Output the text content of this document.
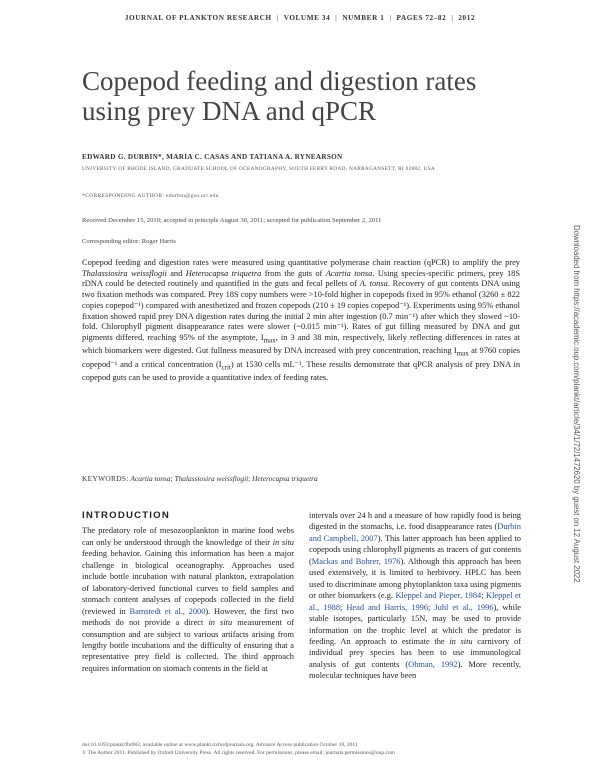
JOURNAL OF PLANKTON RESEARCH | VOLUME 34 | NUMBER 1 | PAGES 72–82 | 2012
Copepod feeding and digestion rates using prey DNA and qPCR
EDWARD G. DURBIN*, MARIA C. CASAS AND TATIANA A. RYNEARSON
UNIVERSITY OF RHODE ISLAND, GRADUATE SCHOOL OF OCEANOGRAPHY, SOUTH FERRY ROAD, NARRAGANSETT, RI 02882, USA
*CORRESPONDING AUTHOR: edurbin@gso.uri.edu
Received December 15, 2010; accepted in principle August 30, 2011; accepted for publication September 2, 2011
Corresponding editor: Roger Harris
Copepod feeding and digestion rates were measured using quantitative polymerase chain reaction (qPCR) to amplify the prey Thalassiosira weissflogii and Heterocapsa triquetra from the guts of Acartia tonsa. Using species-specific primers, prey 18S rDNA could be detected routinely and quantified in the guts and fecal pellets of A. tonsa. Recovery of gut contents DNA using two fixation methods was compared. Prey 18S copy numbers were >10-fold higher in copepods fixed in 95% ethanol (3260 ± 822 copies copepod⁻¹) compared with anesthetized and frozen copepods (210 ± 19 copies copepod⁻¹). Experiments using 95% ethanol fixation showed rapid prey DNA digestion rates during the initial 2 min after ingestion (0.7 min⁻¹) after which they slowed ~10-fold. Chlorophyll pigment disappearance rates were slower (~0.015 min⁻¹). Rates of gut filling measured by DNA and gut pigments differed, reaching 95% of the asymptote, $I_{max}$, in 3 and 38 min, respectively, likely reflecting differences in rates at which biomarkers were digested. Gut fullness measured by DNA increased with prey concentration, reaching $I_{max}$ at 9760 copies copepod⁻¹ and a critical concentration $(I_{crit})$ at 1530 cells mL⁻¹. These results demonstrate that qPCR analysis of prey DNA in copepod guts can be used to provide a quantitative index of feeding rates.
KEYWORDS: Acartia tonsa; Thalassiosira weissflogii; Heterocapsa triquetra
INTRODUCTION

The predatory role of mesozooplankton in marine food webs can only be understood through the knowledge of their in situ feeding behavior. Gaining this information has been a major challenge in biological oceanography. Approaches used include bottle incubation with natural plankton, extrapolation of laboratory-derived functional curves to field samples and stomach content analyses of copepods collected in the field (reviewed in Bamstedt et al., 2000). However, the first two methods do not provide a direct in situ measurement of consumption and are subject to various artifacts arising from lengthy bottle incubations and the difficulty of ensuring that a representative prey field is collected. The third approach requires information on stomach contents in the field at

intervals over 24 h and a measure of how rapidly food is being digested in the stomachs, i.e. food disappearance rates (Durbin and Campbell, 2007). This latter approach has been applied to copepods using chlorophyll pigments as tracers of gut contents (Mackas and Bohrer, 1976). Although this approach has been used extensively, it is limited to herbivory. HPLC has been used to discriminate among phytoplankton taxa using pigments or other biomarkers (e.g. Kleppel and Pieper, 1984; Kleppel et al., 1988; Head and Harris, 1996; Juhl et al., 1996), while stable isotopes, particularly 15N, may be used to provide information on the trophic level at which the predator is feeding. An approach to estimate the in situ carnivory of individual prey species has been to use immunological analysis of gut contents (Ohman, 1992). More recently, molecular techniques have been

doi:10.1093/plankt/fbr082, available online at www.plankt.oxfordjournals.org. Advance Access publication October 18, 2011
© The Author 2011. Published by Oxford University Press. All rights reserved. For permissions, please email: journals.permissions@oup.com
Downloaded from https://academic.oup.com/plankt/article/34/1/72/1472620 by guest on 12 August 2022
